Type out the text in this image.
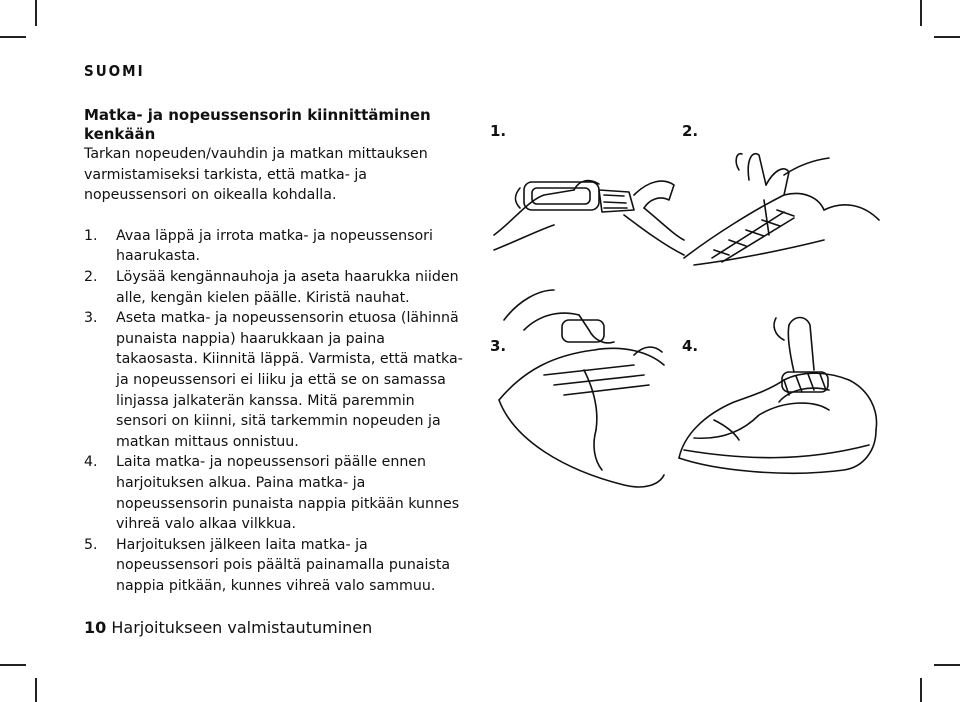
SUOMI
Matka- ja nopeussensorin kiinnittäminen kenkään

Tarkan nopeuden/vauhdin ja matkan mittauksen varmistamiseksi tarkista, että matka- ja nopeussensori on oikealla kohdalla.

1.	Avaa läppä ja irrota matka- ja nopeussensori haarukasta.
2.	Löysää kengännauhoja ja aseta haarukka niiden alle, kengän kielen päälle. Kiristä nauhat.
3.	Aseta matka- ja nopeussensorin etuosa (lähinnä punaista nappia) haarukkaan ja paina takaosasta. Kiinnitä läppä. Varmista, että matka- ja nopeussensori ei liiku ja että se on samassa linjassa jalkaterän kanssa. Mitä paremmin sensori on kiinni, sitä tarkemmin nopeuden ja matkan mittaus onnistuu.
4.	Laita matka- ja nopeussensori päälle ennen harjoituksen alkua. Paina matka- ja nopeussensorin punaista nappia pitkään kunnes vihreä valo alkaa vilkkua.
5.	Harjoituksen jälkeen laita matka- ja nopeussensori pois päältä painamalla punaista nappia pitkään, kunnes vihreä valo sammuu.
1.	2.
3.	4.
10 Harjoitukseen valmistautuminen
